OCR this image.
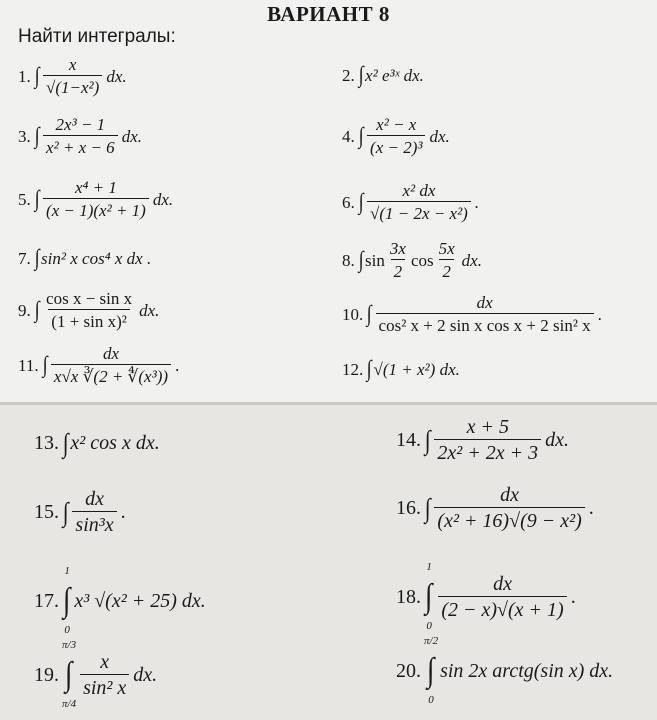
ВАРИАНТ 8
Найти интегралы:
1. ∫ $\frac{x}{\text{√(1−x²)}}$ dx.	2. ∫ x² e³ˣ dx.
3. ∫ $\frac{\text{2x³ − 1}}{\text{x² + x − 6}}$ dx.	4. ∫ $\frac{\text{x² − x}}{\text{(x − 2)³}}$ dx.
5. ∫ $\frac{\text{x⁴ + 1}}{\text{(x − 1)(x² + 1)}}$ dx.	6. ∫ $\frac{\text{x² dx}}{\text{√(1 − 2x − x²)}}$ .
7. ∫ sin² x cos⁴ x dx .	8. ∫ $\sin \frac{3x}{2}$ $\cos \frac{5x}{2}$ dx.
9. ∫ $\frac{\text{cos x − sin x}}{\text{(1 + sin x)²}}$ dx.	10. ∫ $\frac{dx}{\text{cos² x + 2 sin x cos x + 2 sin² x}}$ .
11. ∫ $\frac{dx}{\text{x√x ∛(2 + ∜(x³))}}$ .	12. ∫ √(1 + x²) dx.
13. ∫ x² cos x dx.	14. ∫ $\frac{x + 5}{\text{2x² + 2x + 3}}$ dx.
15. ∫ $\frac{dx}{\text{sin³x}}$ .	16. ∫ $\frac{dx}{\text{(x² + 16)√(9 − x²)}}$ .
17.
1
∫
0
x³ √(x² + 25) dx.	18.
1
∫
0
$\frac{dx}{(2 - x)√(x + 1)}$ .
19.
π/3
∫
π/4
$\frac{x}{\text{sin² x}}$ dx.	20.
π/2
∫
0
sin 2x arctg(sin x) dx.
